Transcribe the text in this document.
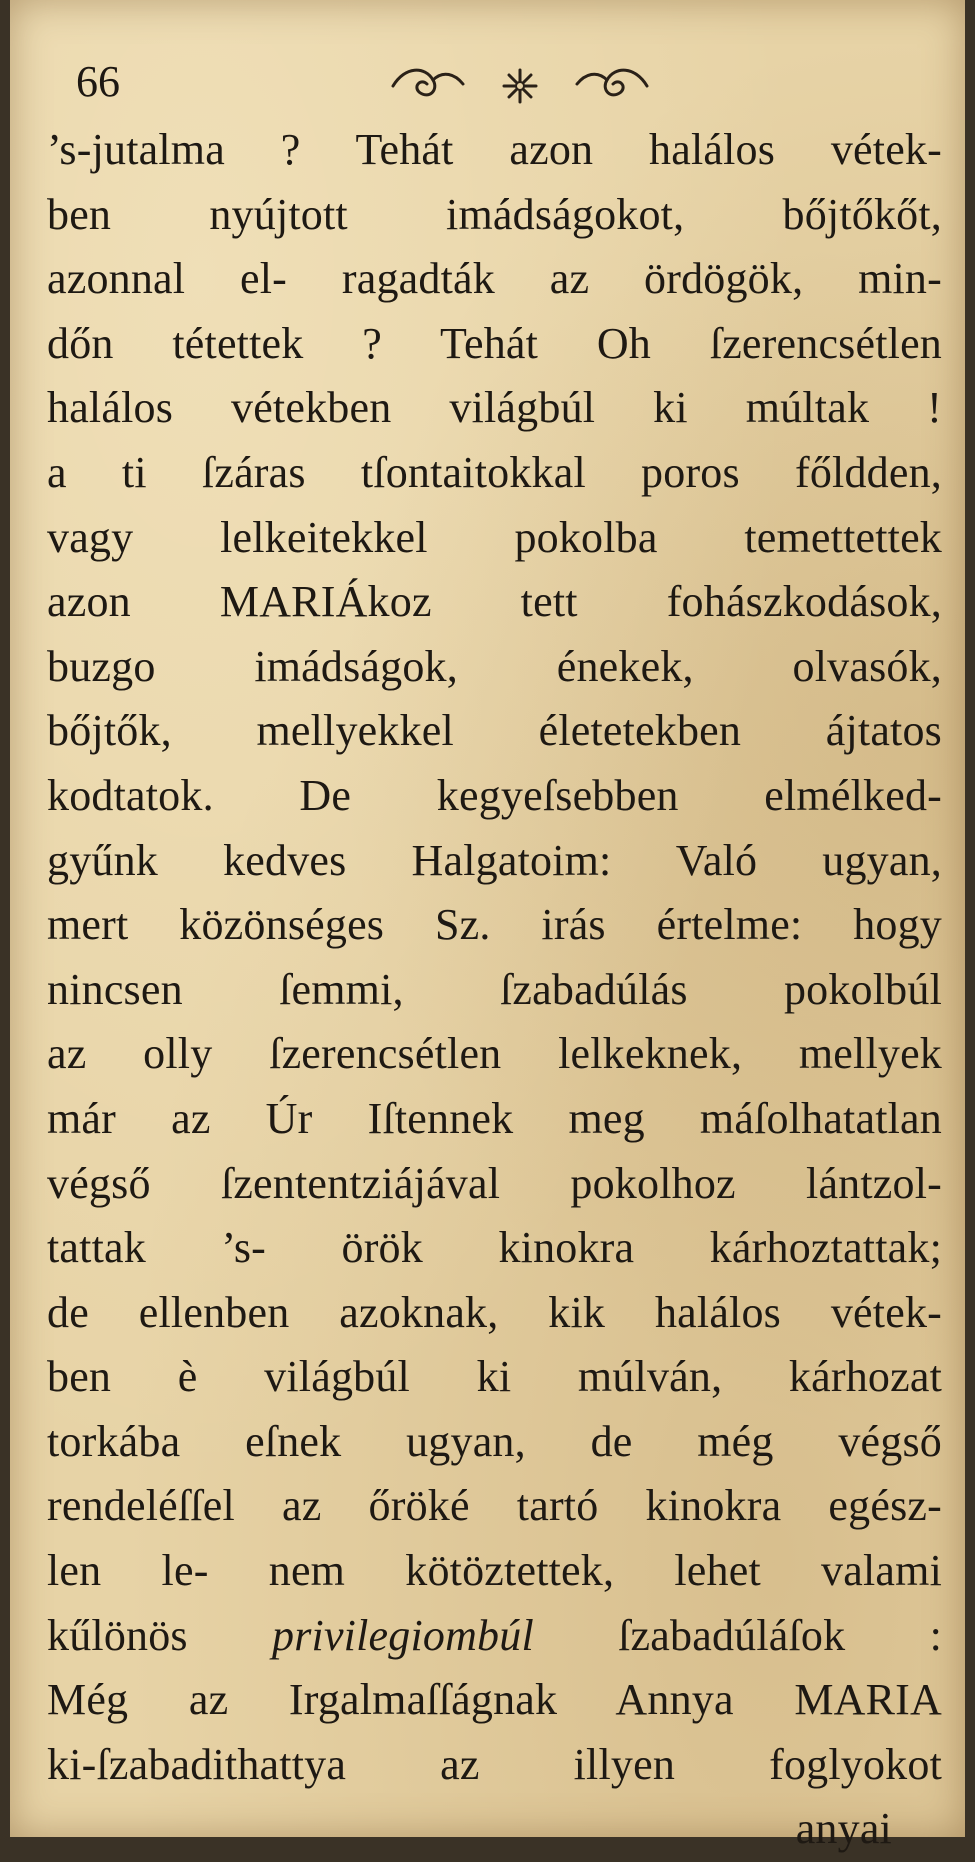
66
’s-jutalma ? Tehát azon halálos vétek-
ben nyújtott imádságokot, bőjtőkőt,
azonnal el- ragadták az ördögök, min-
dőn tétettek ? Tehát Oh ſzerencsétlen
halálos vétekben világbúl ki múltak !
a ti ſzáras tſontaitokkal poros főldden,
vagy lelkeitekkel pokolba temettettek
azon MARIÁkoz tett fohászkodások,
buzgo imádságok, énekek, olvasók,
bőjtők, mellyekkel életetekben ájtatos
kodtatok. De kegyeſsebben elmélked-
gyűnk kedves Halgatoim: Való ugyan,
mert közönséges Sz. irás értelme: hogy
nincsen ſemmi, ſzabadúlás pokolbúl
az olly ſzerencsétlen lelkeknek, mellyek
már az Úr Iſtennek meg máſolhatatlan
végső ſzententziájával pokolhoz lántzol-
tattak ’s- örök kinokra kárhoztattak;
de ellenben azoknak, kik halálos vétek-
ben è világbúl ki múlván, kárhozat
torkába eſnek ugyan, de még végső
rendeléſſel az őröké tartó kinokra egész-
len le- nem kötöztettek, lehet valami
kűlönös privilegiombúl ſzabadúláſok :
Még az Irgalmaſſágnak Annya MARIA
ki-ſzabadithattya az illyen foglyokot
anyai
